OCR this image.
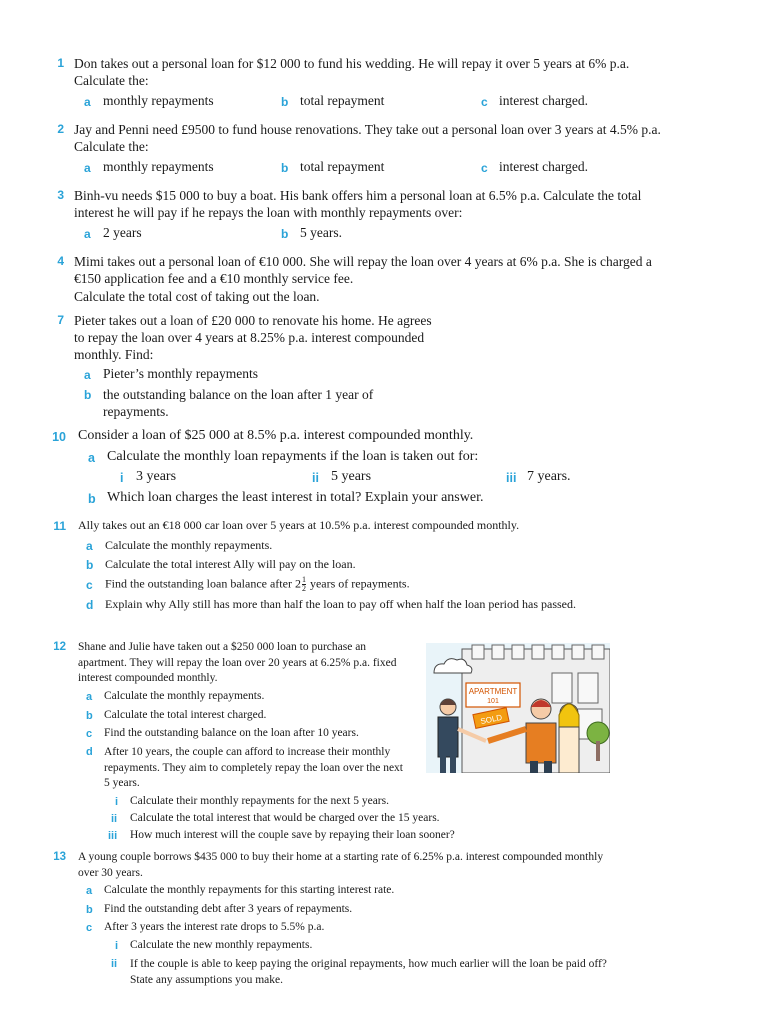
1 Don takes out a personal loan for $12 000 to fund his wedding. He will repay it over 5 years at 6% p.a. Calculate the:
a monthly repayments	b total repayment	c interest charged.
2 Jay and Penni need £9500 to fund house renovations. They take out a personal loan over 3 years at 4.5% p.a. Calculate the:
a monthly repayments	b total repayment	c interest charged.
3 Binh-vu needs $15 000 to buy a boat. His bank offers him a personal loan at 6.5% p.a. Calculate the total interest he will pay if he repays the loan with monthly repayments over:
a 2 years	b 5 years.
4 Mimi takes out a personal loan of €10 000. She will repay the loan over 4 years at 6% p.a. She is charged a €150 application fee and a €10 monthly service fee.
Calculate the total cost of taking out the loan.
7 Pieter takes out a loan of £20 000 to renovate his home. He agrees to repay the loan over 4 years at 8.25% p.a. interest compounded monthly. Find:
a Pieter’s monthly repayments
b the outstanding balance on the loan after 1 year of repayments.
10 Consider a loan of $25 000 at 8.5% p.a. interest compounded monthly.
a Calculate the monthly loan repayments if the loan is taken out for:
i 3 years	ii 5 years	iii 7 years.
b Which loan charges the least interest in total? Explain your answer.
11 Ally takes out an €18 000 car loan over 5 years at 10.5% p.a. interest compounded monthly.
a Calculate the monthly repayments.
b Calculate the total interest Ally will pay on the loan.
c Find the outstanding loan balance after $2 \frac{1}{2}$ years of repayments.
d Explain why Ally still has more than half the loan to pay off when half the loan period has passed.
12 Shane and Julie have taken out a $250 000 loan to purchase an apartment. They will repay the loan over 20 years at 6.25% p.a. fixed interest compounded monthly.
a Calculate the monthly repayments.
b Calculate the total interest charged.
c Find the outstanding balance on the loan after 10 years.
d After 10 years, the couple can afford to increase their monthly repayments. They aim to completely repay the loan over the next 5 years.
i Calculate their monthly repayments for the next 5 years.
ii Calculate the total interest that would be charged over the 15 years.
iii How much interest will the couple save by repaying their loan sooner?
APARTMENT
101
SOLD
13 A young couple borrows $435 000 to buy their home at a starting rate of 6.25% p.a. interest compounded monthly over 30 years.
a Calculate the monthly repayments for this starting interest rate.
b Find the outstanding debt after 3 years of repayments.
c After 3 years the interest rate drops to 5.5% p.a.
i Calculate the new monthly repayments.
ii If the couple is able to keep paying the original repayments, how much earlier will the loan be paid off? State any assumptions you make.
